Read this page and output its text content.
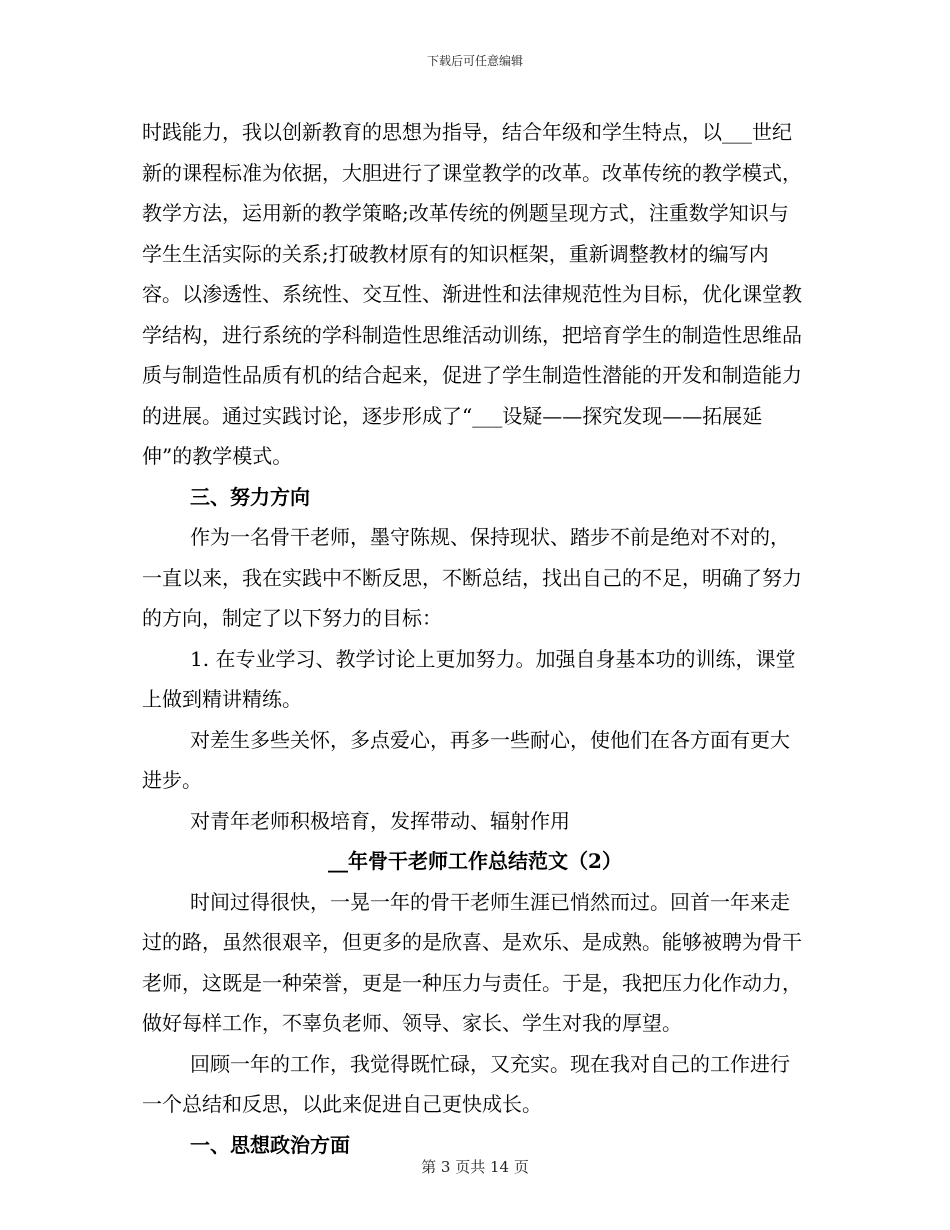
下载后可任意编辑

时践能力，我以创新教育的思想为指导，结合年级和学生特点，以___世纪新的课程标准为依据，大胆进行了课堂教学的改革。改革传统的教学模式，教学方法，运用新的教学策略;改革传统的例题呈现方式，注重数学知识与学生生活实际的关系;打破教材原有的知识框架，重新调整教材的编写内容。以渗透性、系统性、交互性、渐进性和法律规范性为目标，优化课堂教学结构，进行系统的学科制造性思维活动训练，把培育学生的制造性思维品质与制造性品质有机的结合起来，促进了学生制造性潜能的开发和制造能力的进展。通过实践讨论，逐步形成了“___设疑——探究发现——拓展延伸”的教学模式。

三、努力方向

作为一名骨干老师，墨守陈规、保持现状、踏步不前是绝对不对的，一直以来，我在实践中不断反思，不断总结，找出自己的不足，明确了努力的方向，制定了以下努力的目标：

1. 在专业学习、教学讨论上更加努力。加强自身基本功的训练，课堂上做到精讲精练。

对差生多些关怀，多点爱心，再多一些耐心，使他们在各方面有更大进步。

对青年老师积极培育，发挥带动、辐射作用

__年骨干老师工作总结范文（2）

时间过得很快，一晃一年的骨干老师生涯已悄然而过。回首一年来走过的路，虽然很艰辛，但更多的是欣喜、是欢乐、是成熟。能够被聘为骨干老师，这既是一种荣誉，更是一种压力与责任。于是，我把压力化作动力，做好每样工作，不辜负老师、领导、家长、学生对我的厚望。

回顾一年的工作，我觉得既忙碌，又充实。现在我对自己的工作进行一个总结和反思，以此来促进自己更快成长。

一、思想政治方面

第 3 页共 14 页
